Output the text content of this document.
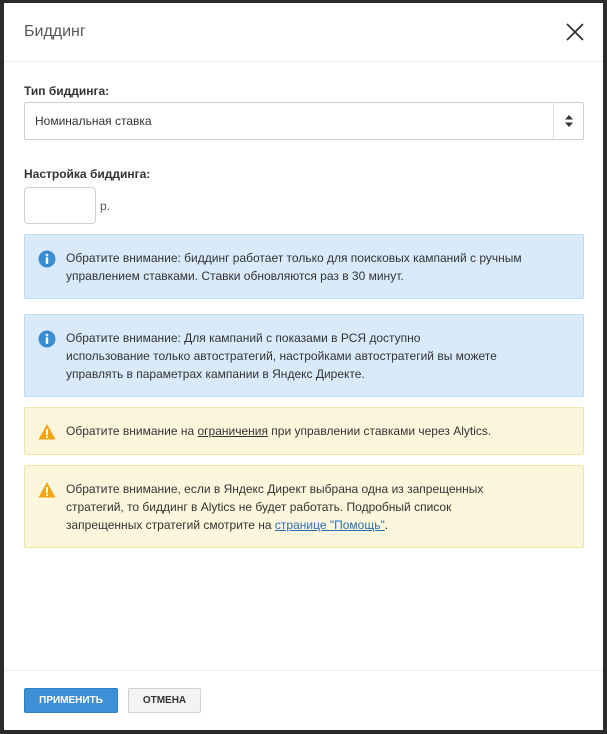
Биддинг
Тип биддинга:
Номинальная ставка
Настройка биддинга:
р.
Обратите внимание: биддинг работает только для поисковых кампаний с ручным управлением ставками. Ставки обновляются раз в 30 минут.
Обратите внимание: Для кампаний с показами в РСЯ доступно использование только автостратегий, настройками автостратегий вы можете управлять в параметрах кампании в Яндекс Директе.
Обратите внимание на ограничения при управлении ставками через Alytics.
Обратите внимание, если в Яндекс Директ выбрана одна из запрещенных стратегий, то биддинг в Alytics не будет работать. Подробный список запрещенных стратегий смотрите на странице "Помощь".
ПРИМЕНИТЬ	ОТМЕНА
